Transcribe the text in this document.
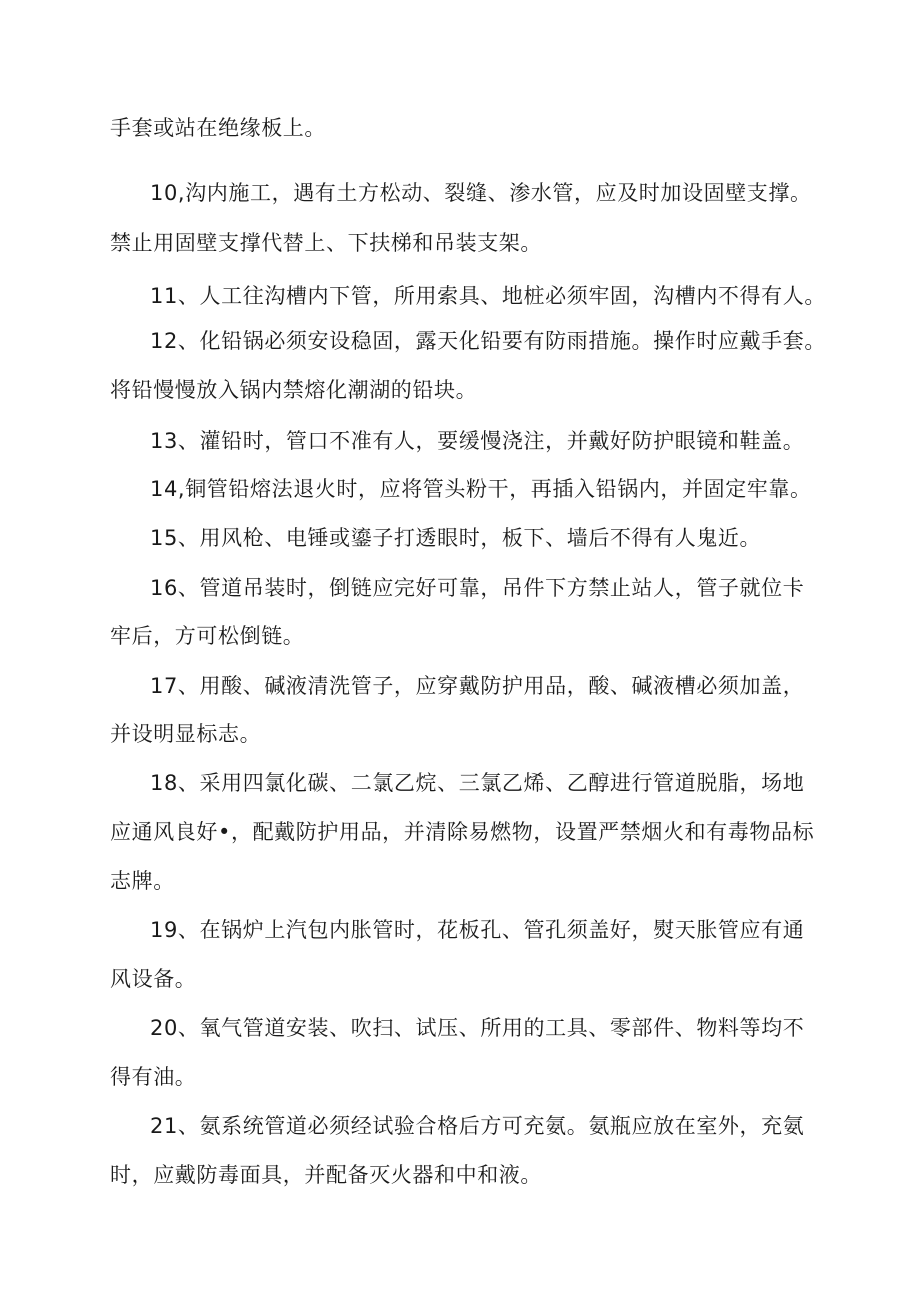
手套或站在绝缘板上。
10,沟内施工，遇有土方松动、裂缝、渗水管，应及时加设固壁支撑。
禁止用固壁支撑代替上、下扶梯和吊装支架。
11、人工往沟槽内下管，所用索具、地桩必须牢固，沟槽内不得有人。
12、化铅锅必须安设稳固，露天化铅要有防雨措施。操作时应戴手套。
将铅慢慢放入锅内禁熔化潮湖的铅块。
13、灌铅时，管口不准有人，要缓慢浇注，并戴好防护眼镜和鞋盖。
14,铜管铅熔法退火时，应将管头粉干，再插入铅锅内，并固定牢靠。
15、用风枪、电锤或鎏子打透眼时，板下、墙后不得有人鬼近。
16、管道吊装时，倒链应完好可靠，吊件下方禁止站人，管子就位卡
牢后，方可松倒链。
17、用酸、碱液清洗管子，应穿戴防护用品，酸、碱液槽必须加盖，
并设明显标志。
18、采用四氯化碳、二氯乙烷、三氯乙烯、乙醇进行管道脱脂，场地
应通风良好•，配戴防护用品，并清除易燃物，设置严禁烟火和有毒物品标
志牌。
19、在锅炉上汽包内胀管时，花板孔、管孔须盖好，熨天胀管应有通
风设备。
20、氧气管道安装、吹扫、试压、所用的工具、零部件、物料等均不
得有油。
21、氨系统管道必须经试验合格后方可充氨。氨瓶应放在室外，充氨
时，应戴防毒面具，并配备灭火器和中和液。
